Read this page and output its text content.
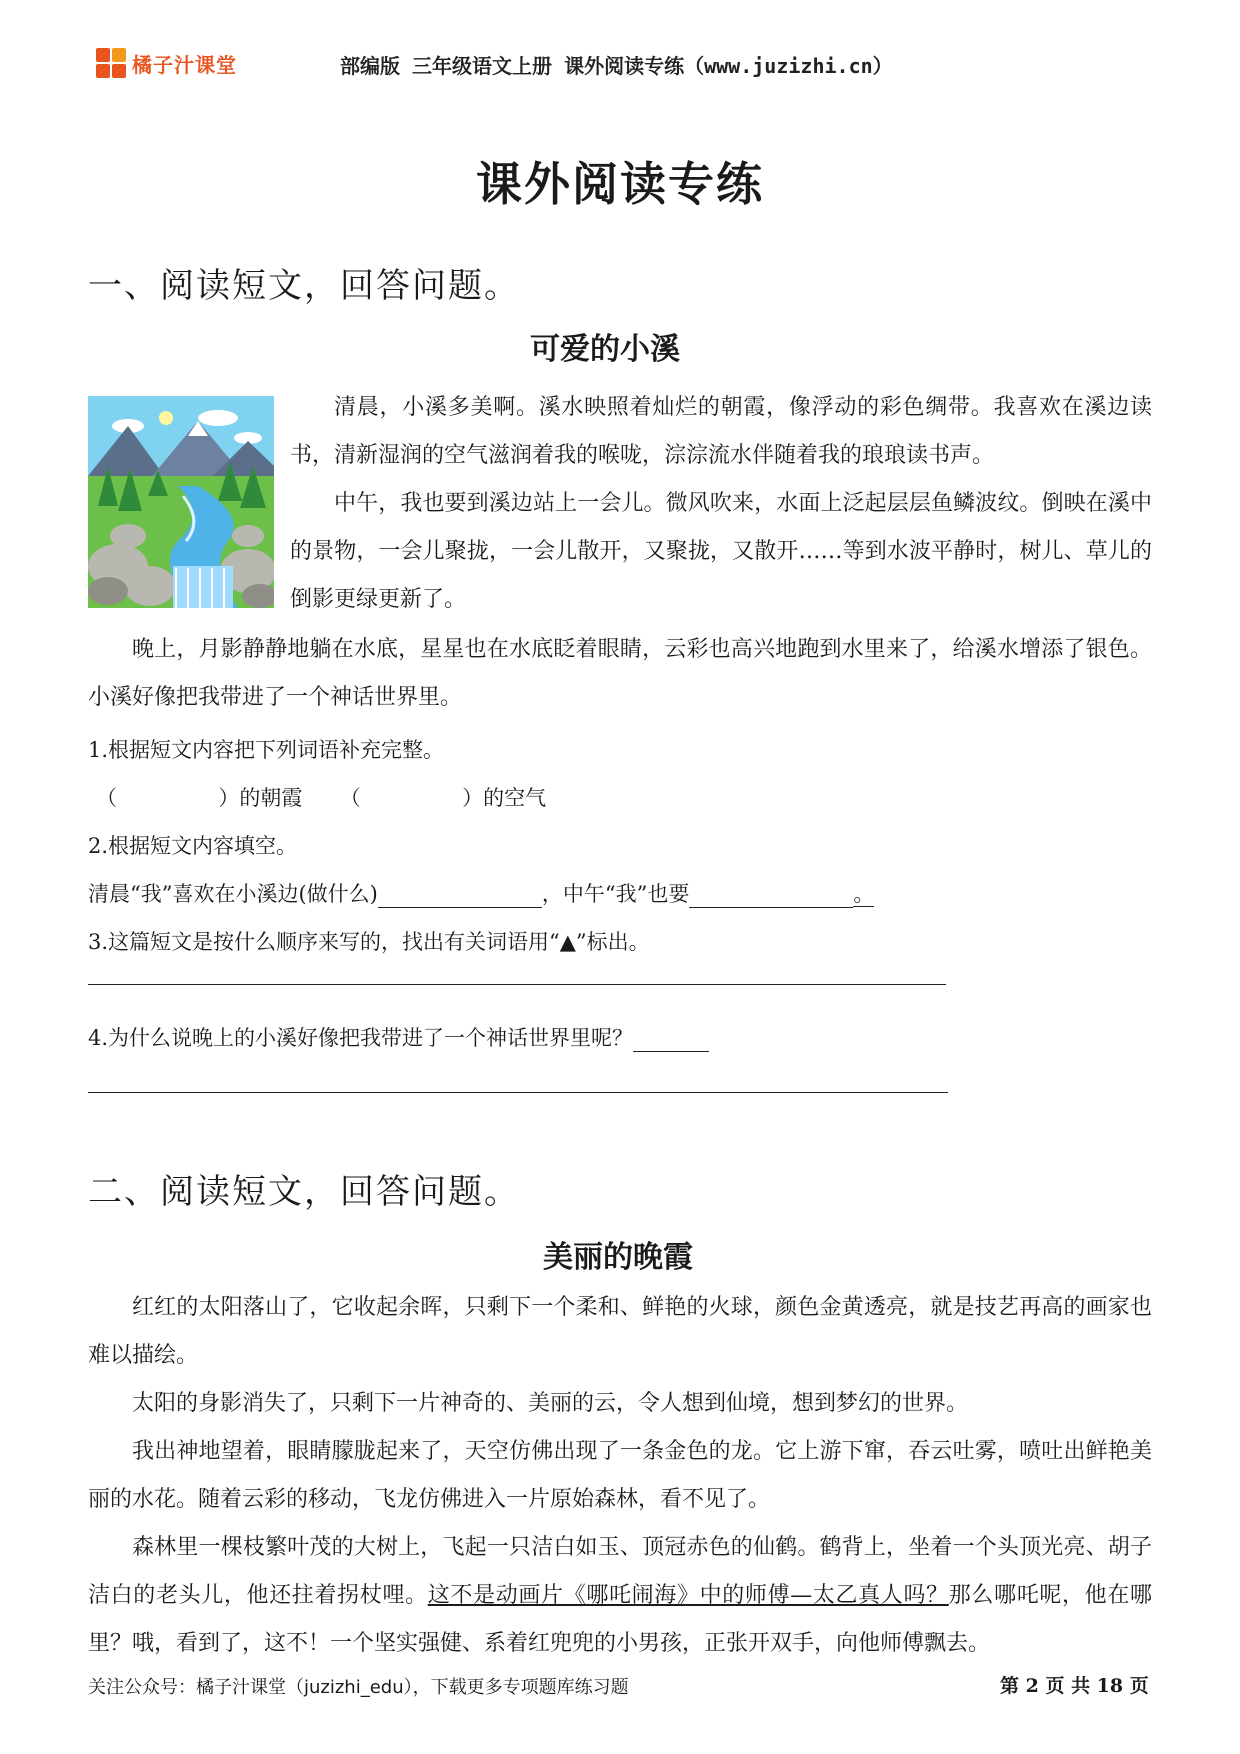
橘子汁课堂	部编版 三年级语文上册 课外阅读专练（www.juzizhi.cn）
课外阅读专练
一、阅读短文，回答问题。
可爱的小溪
清晨，小溪多美啊。溪水映照着灿烂的朝霞，像浮动的彩色绸带。我喜欢在溪边读书，清新湿润的空气滋润着我的喉咙，淙淙流水伴随着我的琅琅读书声。
中午，我也要到溪边站上一会儿。微风吹来，水面上泛起层层鱼鳞波纹。倒映在溪中的景物，一会儿聚拢，一会儿散开，又聚拢，又散开……等到水波平静时，树儿、草儿的倒影更绿更新了。
晚上，月影静静地躺在水底，星星也在水底眨着眼睛，云彩也高兴地跑到水里来了，给溪水增添了银色。小溪好像把我带进了一个神话世界里。
1.根据短文内容把下列词语补充完整。
（	）的朝霞 （	）的空气
2.根据短文内容填空。
清晨“我”喜欢在小溪边(做什么)	，中午“我”也要	。
3.这篇短文是按什么顺序来写的，找出有关词语用“▲”标出。
4.为什么说晚上的小溪好像把我带进了一个神话世界里呢？
二、阅读短文，回答问题。
美丽的晚霞
红红的太阳落山了，它收起余晖，只剩下一个柔和、鲜艳的火球，颜色金黄透亮，就是技艺再高的画家也难以描绘。
太阳的身影消失了，只剩下一片神奇的、美丽的云，令人想到仙境，想到梦幻的世界。
我出神地望着，眼睛朦胧起来了，天空仿佛出现了一条金色的龙。它上游下窜，吞云吐雾，喷吐出鲜艳美丽的水花。随着云彩的移动，飞龙仿佛进入一片原始森林，看不见了。
森林里一棵枝繁叶茂的大树上，飞起一只洁白如玉、顶冠赤色的仙鹤。鹤背上，坐着一个头顶光亮、胡子洁白的老头儿，他还拄着拐杖哩。这不是动画片《哪吒闹海》中的师傅—太乙真人吗？那么哪吒呢，他在哪里？哦，看到了，这不！一个坚实强健、系着红兜兜的小男孩，正张开双手，向他师傅飘去。
关注公众号：橘子汁课堂（juzizhi_edu），下载更多专项题库练习题	第 2 页 共 18 页
